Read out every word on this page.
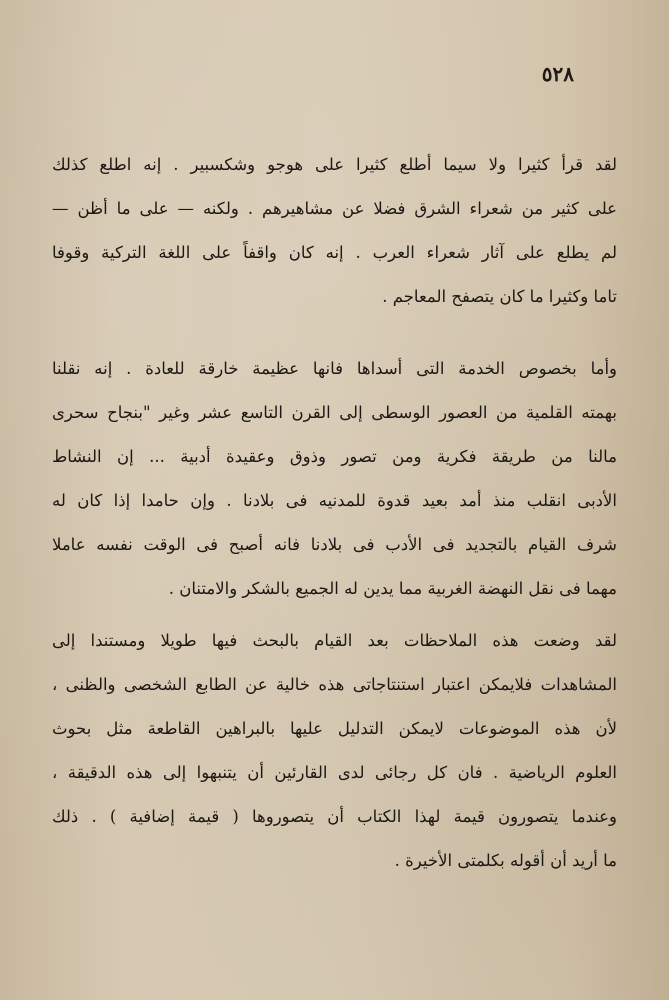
٥٢٨
لقد قرأ كثيرا ولا سيما أطلع كثيرا على هوجو وشكسبير . إنه اطلع كذلك
على كثير من شعراء الشرق فضلا عن مشاهيرهم . ولكنه — على ما أظن —
لم يطلع على آثار شعراء العرب . إنه كان واقفاً على اللغة التركية وقوفا
تاما وكثيرا ما كان يتصفح المعاجم .
وأما بخصوص الخدمة التى أسداها فانها عظيمة خارقة للعادة . إنه نقلنا
بهمته القلمية من العصور الوسطى إلى القرن التاسع عشر وغير "بنجاح سحرى
مالنا من طريقة فكرية ومن تصور وذوق وعقيدة أدبية ... إن النشاط
الأدبى انقلب منذ أمد بعيد قدوة للمدنيه فى بلادنا . وإن حامدا إذا كان له
شرف القيام بالتجديد فى الأدب فى بلادنا فانه أصبح فى الوقت نفسه عاملا
مهما فى نقل النهضة الغربية مما يدين له الجميع بالشكر والامتنان .
لقد وضعت هذه الملاحظات بعد القيام بالبحث فيها طويلا ومستندا إلى
المشاهدات فلايمكن اعتبار استنتاجاتى هذه خالية عن الطابع الشخصى والظنى ،
لأن هذه الموضوعات لايمكن التدليل عليها بالبراهين القاطعة مثل بحوث
العلوم الرياضية . فان كل رجائى لدى القارئين أن يتنبهوا إلى هذه الدقيقة ،
وعندما يتصورون قيمة لهذا الكتاب أن يتصوروها ( قيمة إضافية ) . ذلك
ما أريد أن أقوله بكلمتى الأخيرة .
